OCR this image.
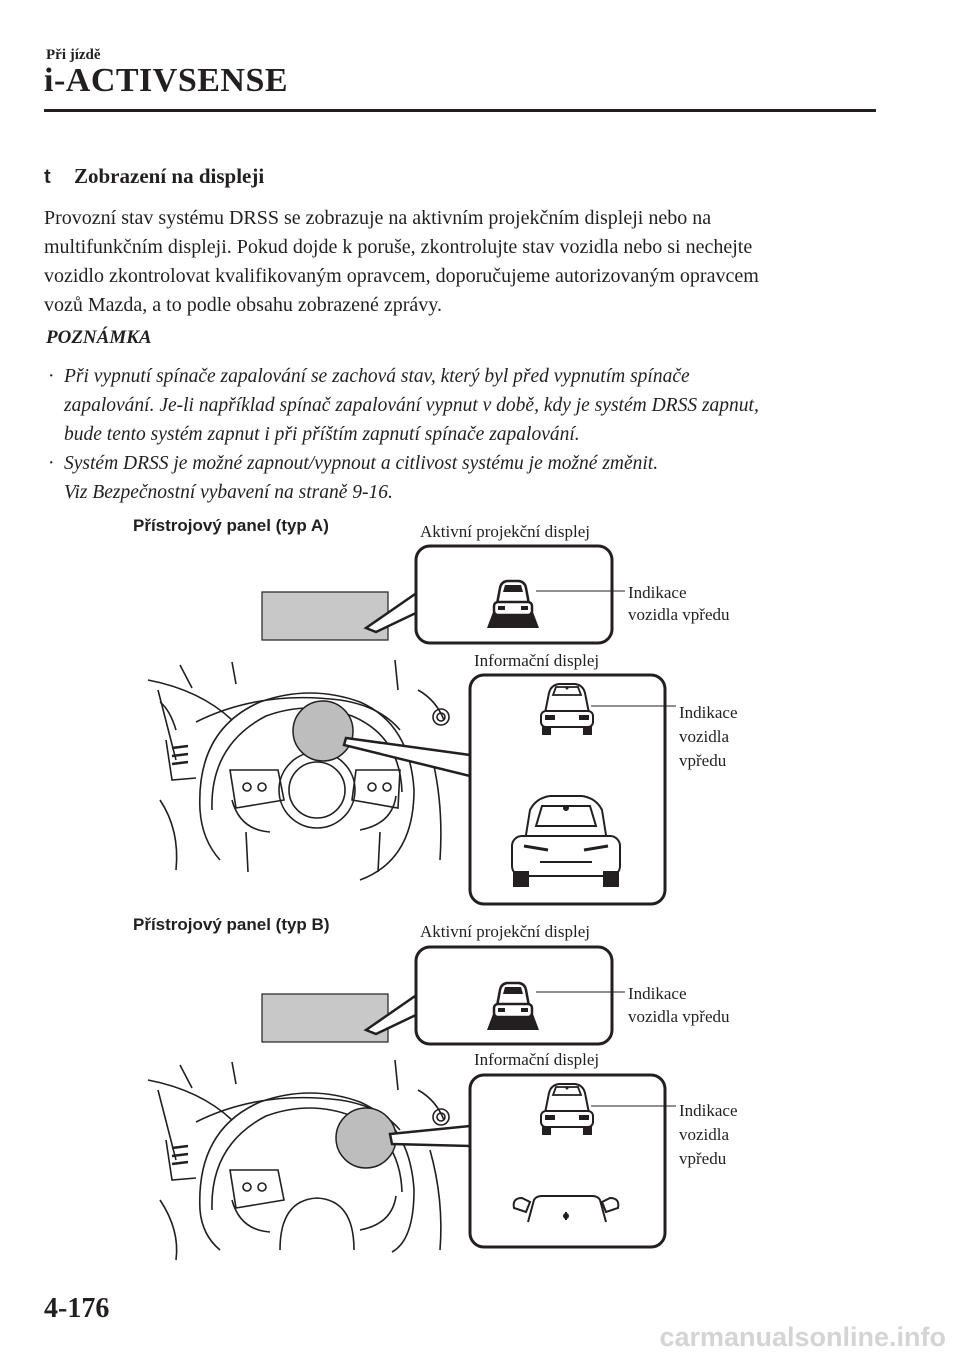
Při jízdě
i-ACTIVSENSE
t	Zobrazení na displeji

Provozní stav systému DRSS se zobrazuje na aktivním projekčním displeji nebo na

multifunkčním displeji. Pokud dojde k poruše, zkontrolujte stav vozidla nebo si nechejte

vozidlo zkontrolovat kvalifikovaným opravcem, doporučujeme autorizovaným opravcem

vozů Mazda, a to podle obsahu zobrazené zprávy.

POZNÁMKA
· Při vypnutí spínače zapalování se zachová stav, který byl před vypnutím spínače
zapalování. Je-li například spínač zapalování vypnut v době, kdy je systém DRSS zapnut,
bude tento systém zapnut i při příštím zapnutí spínače zapalování.
· Systém DRSS je možné zapnout/vypnout a citlivost systému je možné změnit.
Viz Bezpečnostní vybavení na straně 9-16.
Přístrojový panel (typ A)	Aktivní projekční displej
Indikace
vozidla vpředu
Informační displej
Indikace
vozidla
vpředu
Přístrojový panel (typ B)	Aktivní projekční displej
Indikace
vozidla vpředu
Informační displej
Indikace
vozidla
vpředu
4-176
carmanualsonline.info
